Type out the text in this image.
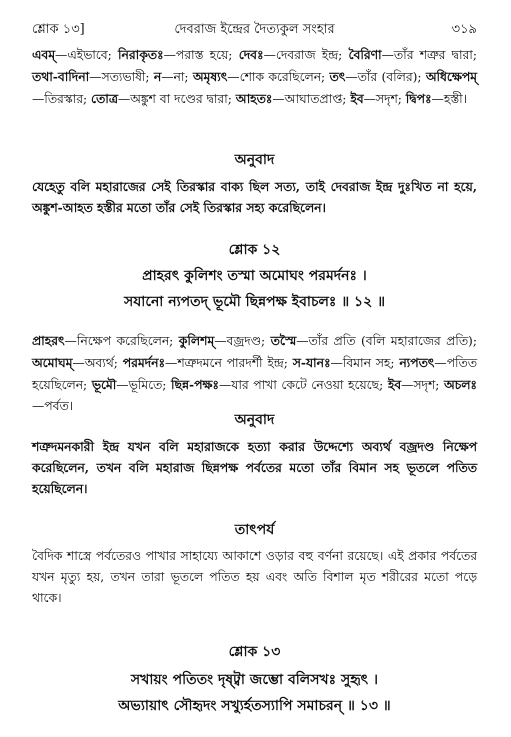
শ্লোক ১৩]	দেবরাজ ইন্দ্রের দৈত্যকুল সংহার	৩১৯
এবম্—এইভাবে; নিরাকৃতঃ—পরাস্ত হয়ে; দেবঃ—দেবরাজ ইন্দ্র; বৈরিণা—তাঁর শত্রুর দ্বারা; তথা-বাদিনা—সত্যভাষী; ন—না; অমৃষ্যৎ—শোক করেছিলেন; তৎ—তাঁর (বলির); অধিক্ষেপম্—তিরস্কার; তোত্র—অঙ্কুশ বা দণ্ডের দ্বারা; আহতঃ—আঘাতপ্রাপ্ত; ইব—সদৃশ; দ্বিপঃ—হস্তী।
অনুবাদ
যেহেতু বলি মহারাজের সেই তিরস্কার বাক্য ছিল সত্য, তাই দেবরাজ ইন্দ্র দুঃখিত না হয়ে, অঙ্কুশ-আহত হস্তীর মতো তাঁর সেই তিরস্কার সহ্য করেছিলেন।
শ্লোক ১২
প্রাহরৎ কুলিশং তস্মা অমোঘং পরমর্দনঃ ।
সযানো ন্যপতদ্ ভূমৌ ছিন্নপক্ষ ইবাচলঃ ॥ ১২ ॥
প্রাহরৎ—নিক্ষেপ করেছিলেন; কুলিশম্—বজ্রদণ্ড; তস্মৈ—তাঁর প্রতি (বলি মহারাজের প্রতি); অমোঘম্—অব্যর্থ; পরমর্দনঃ—শত্রুদমনে পারদর্শী ইন্দ্র; স-যানঃ—বিমান সহ; ন্যপতৎ—পতিত হয়েছিলেন; ভূমৌ—ভূমিতে; ছিন্ন-পক্ষঃ—যার পাখা কেটে নেওয়া হয়েছে; ইব—সদৃশ; অচলঃ—পর্বত।
অনুবাদ
শত্রুদমনকারী ইন্দ্র যখন বলি মহারাজকে হত্যা করার উদ্দেশ্যে অব্যর্থ বজ্রদণ্ড নিক্ষেপ করেছিলেন, তখন বলি মহারাজ ছিন্নপক্ষ পর্বতের মতো তাঁর বিমান সহ ভূতলে পতিত হয়েছিলেন।
তাৎপর্য
বৈদিক শাস্ত্রে পর্বতেরও পাখার সাহায্যে আকাশে ওড়ার বহু বর্ণনা রয়েছে। এই প্রকার পর্বতের যখন মৃত্যু হয়, তখন তারা ভূতলে পতিত হয় এবং অতি বিশাল মৃত শরীরের মতো পড়ে থাকে।
শ্লোক ১৩
সখায়ং পতিতং দৃষ্ট্বা জম্ভো বলিসখঃ সুহৃৎ ।
অভ্যায়াৎ সৌহৃদং সখ্যুর্হতস্যাপি সমাচরন্ ॥ ১৩ ॥
